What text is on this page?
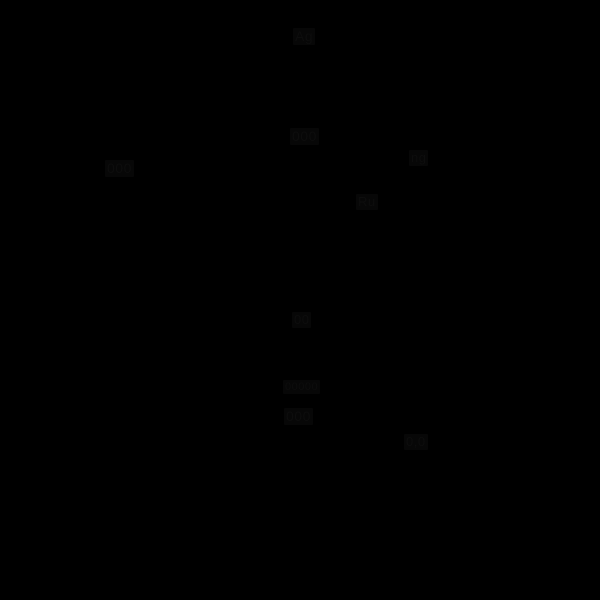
Ag
000
000
ng
Ru
00
00000
000
0,0
